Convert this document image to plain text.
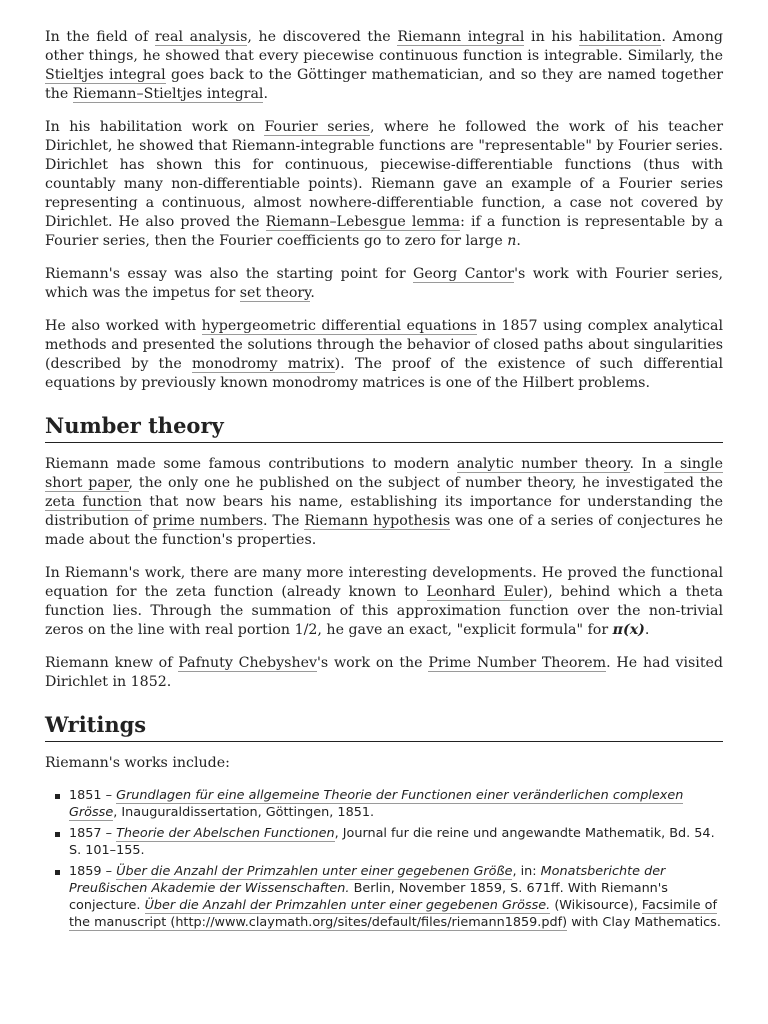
In the field of real analysis, he discovered the Riemann integral in his habilitation. Among other things, he showed that every piecewise continuous function is integrable. Similarly, the Stieltjes integral goes back to the Göttinger mathematician, and so they are named together the Riemann–Stieltjes integral.

In his habilitation work on Fourier series, where he followed the work of his teacher Dirichlet, he showed that Riemann-integrable functions are "representable" by Fourier series. Dirichlet has shown this for continuous, piecewise-differentiable functions (thus with countably many non-differentiable points). Riemann gave an example of a Fourier series representing a continuous, almost nowhere-differentiable function, a case not covered by Dirichlet. He also proved the Riemann–Lebesgue lemma: if a function is representable by a Fourier series, then the Fourier coefficients go to zero for large n.

Riemann's essay was also the starting point for Georg Cantor's work with Fourier series, which was the impetus for set theory.

He also worked with hypergeometric differential equations in 1857 using complex analytical methods and presented the solutions through the behavior of closed paths about singularities (described by the monodromy matrix). The proof of the existence of such differential equations by previously known monodromy matrices is one of the Hilbert problems.

Number theory

Riemann made some famous contributions to modern analytic number theory. In a single short paper, the only one he published on the subject of number theory, he investigated the zeta function that now bears his name, establishing its importance for understanding the distribution of prime numbers. The Riemann hypothesis was one of a series of conjectures he made about the function's properties.

In Riemann's work, there are many more interesting developments. He proved the functional equation for the zeta function (already known to Leonhard Euler), behind which a theta function lies. Through the summation of this approximation function over the non-trivial zeros on the line with real portion 1/2, he gave an exact, "explicit formula" for π(x).

Riemann knew of Pafnuty Chebyshev's work on the Prime Number Theorem. He had visited Dirichlet in 1852.

Writings

Riemann's works include:

1851 – Grundlagen für eine allgemeine Theorie der Functionen einer veränderlichen complexen Grösse, Inauguraldissertation, Göttingen, 1851.
1857 – Theorie der Abelschen Functionen, Journal fur die reine und angewandte Mathematik, Bd. 54. S. 101–155.
1859 – Über die Anzahl der Primzahlen unter einer gegebenen Größe, in: Monatsberichte der Preußischen Akademie der Wissenschaften. Berlin, November 1859, S. 671ff. With Riemann's conjecture. Über die Anzahl der Primzahlen unter einer gegebenen Grösse. (Wikisource), Facsimile of the manuscript (http://www.claymath.org/sites/default/files/riemann1859.pdf) with Clay Mathematics.
